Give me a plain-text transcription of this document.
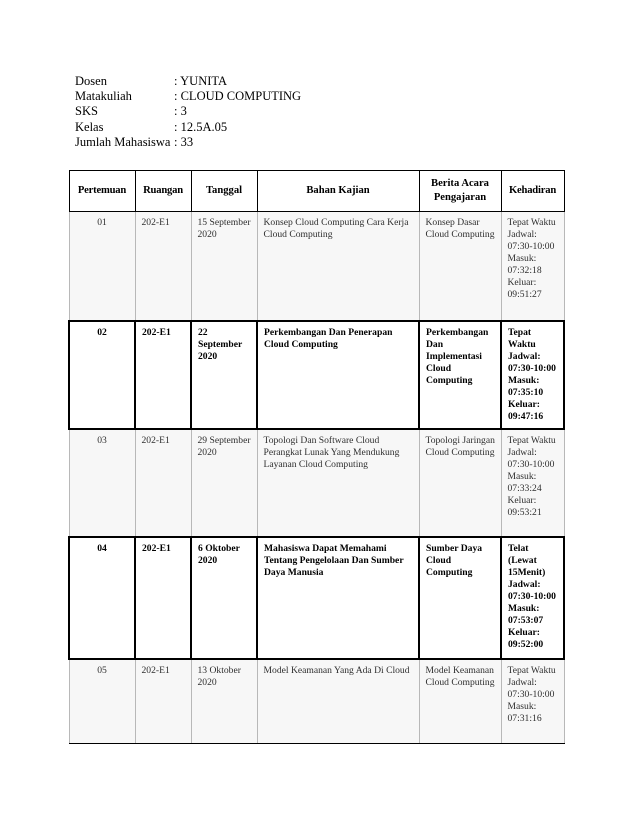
Dosen	: YUNITA
Matakuliah	: CLOUD COMPUTING
SKS	: 3
Kelas	: 12.5A.05
Jumlah Mahasiswa : 33
Pertemuan	Ruangan	Tanggal	Bahan Kajian	Berita Acara Pengajaran	Kehadiran
01	202-E1	15 September 2020	Konsep Cloud Computing Cara Kerja Cloud Computing	Konsep Dasar Cloud Computing	Tepat Waktu
Jadwal: 07:30-10:00
Masuk: 07:32:18
Keluar: 09:51:27

02	202-E1	22 September 2020	Perkembangan Dan Penerapan Cloud Computing	Perkembangan Dan Implementasi Cloud Computing	Tepat Waktu
Jadwal: 07:30-10:00
Masuk: 07:35:10
Keluar: 09:47:16

03	202-E1	29 September 2020	Topologi Dan Software Cloud Perangkat Lunak Yang Mendukung Layanan Cloud Computing	Topologi Jaringan Cloud Computing	Tepat Waktu
Jadwal: 07:30-10:00
Masuk: 07:33:24
Keluar: 09:53:21

04	202-E1	6 Oktober 2020	Mahasiswa Dapat Memahami Tentang Pengelolaan Dan Sumber Daya Manusia	Sumber Daya Cloud Computing	Telat (Lewat 15Menit)
Jadwal: 07:30-10:00
Masuk: 07:53:07
Keluar: 09:52:00

05	202-E1	13 Oktober 2020	Model Keamanan Yang Ada Di Cloud	Model Keamanan Cloud Computing	Tepat Waktu
Jadwal: 07:30-10:00
Masuk: 07:31:16
